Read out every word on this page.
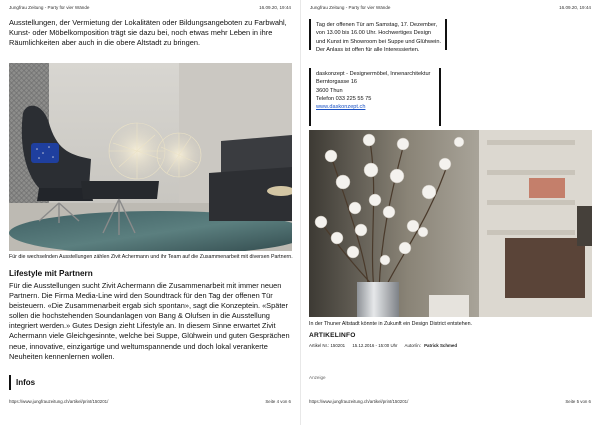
Jungfrau Zeitung - Party für vier Wände	16.09.20, 19:44

Ausstellungen, der Vermietung der Lokalitäten oder Bildungsangeboten zu Farbwahl, Kunst- oder Möbelkomposition trägt sie dazu bei, noch etwas mehr Leben in ihre Räumlichkeiten aber auch in die obere Altstadt zu bringen.

Für die wechselnden Ausstellungen zählen Zivit Achermann und ihr Team auf die Zusammenarbeit mit diversen Partnern.

Lifestyle mit Partnern

Für die Ausstellungen sucht Zivit Achermann die Zusammenarbeit mit immer neuen Partnern. Die Firma Media-Line wird den Soundtrack für den Tag der offenen Tür beisteuern. «Die Zusammenarbeit ergab sich spontan», sagt die Konzeptein. «Später sollen die hochstehenden Soundanlagen von Bang & Olufsen in die Ausstellung integriert werden.» Gutes Design zieht Lifestyle an. In diesem Sinne erwartet Zivit Achermann viele Gleichgesinnte, welche bei Suppe, Glühwein und guten Gesprächen neue, innovative, einzigartige und weltumspannende und doch lokal verankerte Neuheiten kennenlernen wollen.

Infos
https://www.jungfrauzeitung.ch/artikel/print/150201/	Seite 4 von 6
Jungfrau Zeitung - Party für vier Wände	16.09.20, 19:44
Tag der offenen Tür am Samstag, 17. Dezember, von 13.00 bis 16.00 Uhr. Hochwertiges Design und Kunst im Showroom bei Suppe und Glühwein. Der Anlass ist offen für alle Interessierten.
daskonzept - Designermöbel, Innenarchitektur
Berntorgasse 16
3600 Thun
Telefon 033 225 55 75
www.daskonzept.ch

In der Thuner Altstadt könnte in Zukunft ein Design District entstehen.

ARTIKELINFO
Artikel Nr.: 150201 15.12.2016 - 15:00 Uhr Autor/in: Patrick Schmed
Anzeige
https://www.jungfrauzeitung.ch/artikel/print/150201/	Seite 5 von 6
